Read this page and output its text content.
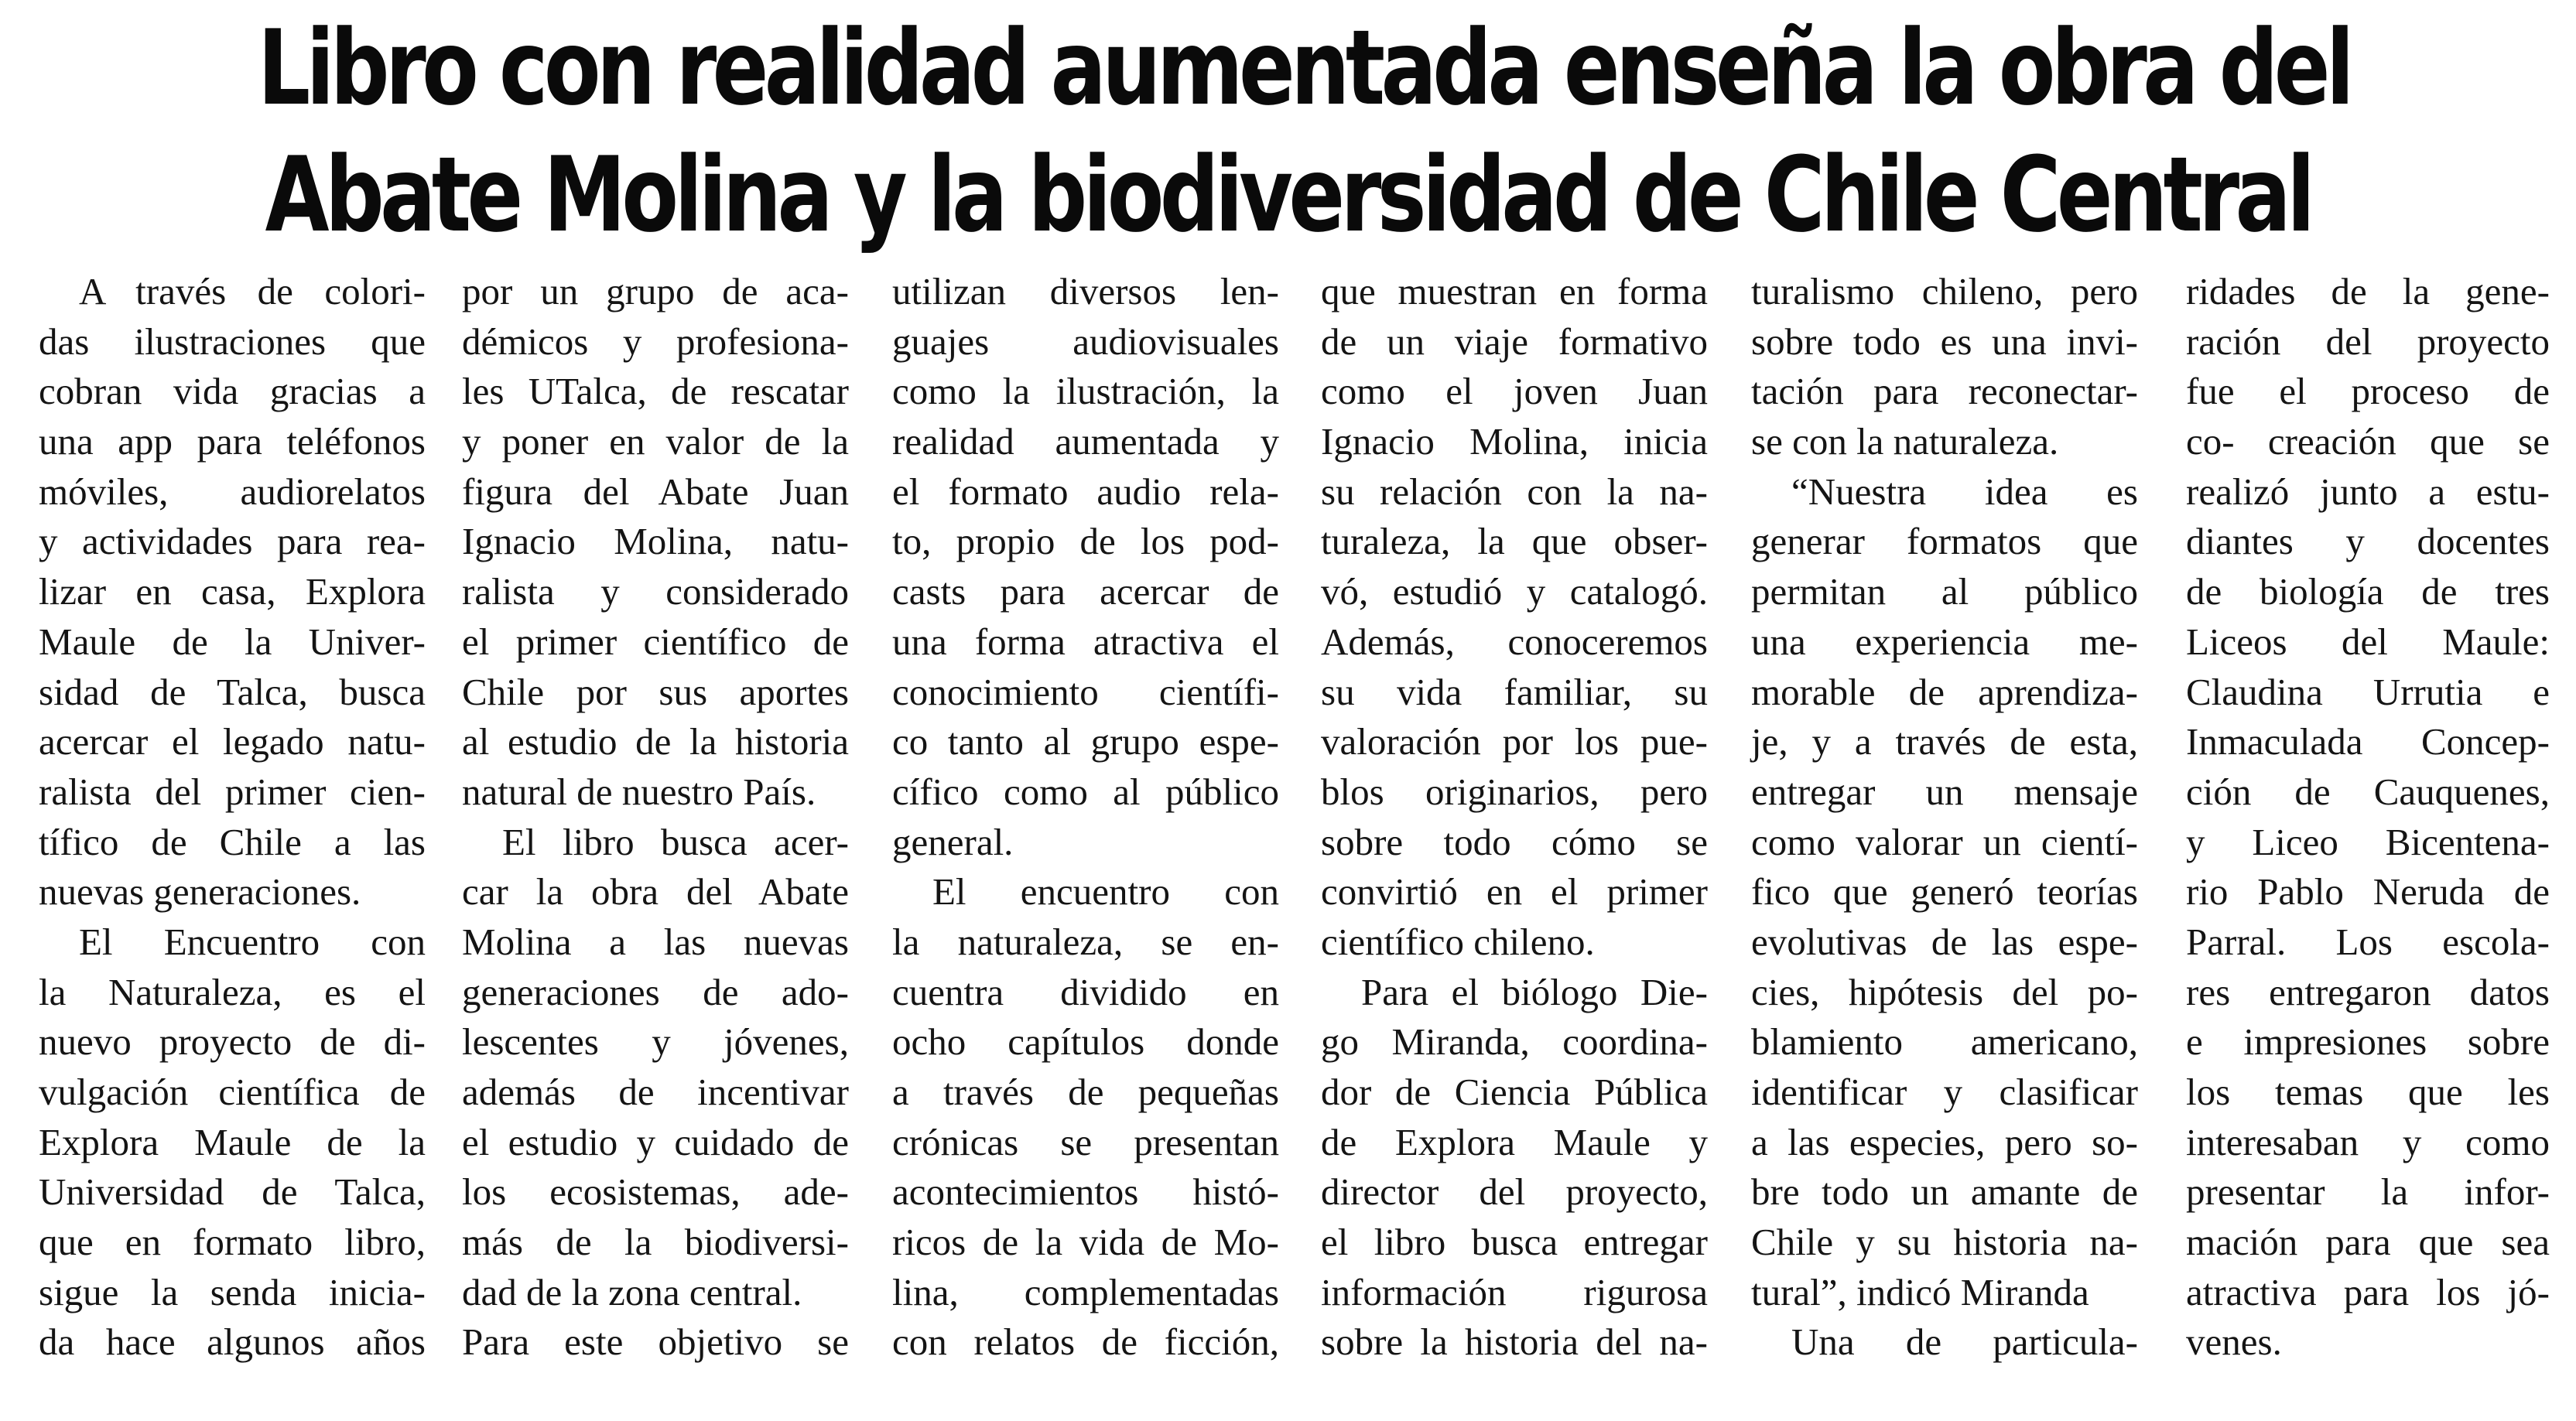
Libro con realidad aumentada enseña la obra del
Abate Molina y la biodiversidad de Chile Central
A través de colori-
das ilustraciones que
cobran vida gracias a
una app para teléfonos
móviles, audiorelatos
y actividades para rea-
lizar en casa, Explora
Maule de la Univer-
sidad de Talca, busca
acercar el legado natu-
ralista del primer cien-
tífico de Chile a las
nuevas generaciones.
El Encuentro con
la Naturaleza, es el
nuevo proyecto de di-
vulgación científica de
Explora Maule de la
Universidad de Talca,
que en formato libro,
sigue la senda inicia-
da hace algunos años
por un grupo de aca-
démicos y profesiona-
les UTalca, de rescatar
y poner en valor de la
figura del Abate Juan
Ignacio Molina, natu-
ralista y considerado
el primer científico de
Chile por sus aportes
al estudio de la historia
natural de nuestro País.
El libro busca acer-
car la obra del Abate
Molina a las nuevas
generaciones de ado-
lescentes y jóvenes,
además de incentivar
el estudio y cuidado de
los ecosistemas, ade-
más de la biodiversi-
dad de la zona central.
Para este objetivo se
utilizan diversos len-
guajes audiovisuales
como la ilustración, la
realidad aumentada y
el formato audio rela-
to, propio de los pod-
casts para acercar de
una forma atractiva el
conocimiento científi-
co tanto al grupo espe-
cífico como al público
general.
El encuentro con
la naturaleza, se en-
cuentra dividido en
ocho capítulos donde
a través de pequeñas
crónicas se presentan
acontecimientos histó-
ricos de la vida de Mo-
lina, complementadas
con relatos de ficción,
que muestran en forma
de un viaje formativo
como el joven Juan
Ignacio Molina, inicia
su relación con la na-
turaleza, la que obser-
vó, estudió y catalogó.
Además, conoceremos
su vida familiar, su
valoración por los pue-
blos originarios, pero
sobre todo cómo se
convirtió en el primer
científico chileno.
Para el biólogo Die-
go Miranda, coordina-
dor de Ciencia Pública
de Explora Maule y
director del proyecto,
el libro busca entregar
información rigurosa
sobre la historia del na-
turalismo chileno, pero
sobre todo es una invi-
tación para reconectar-
se con la naturaleza.
“Nuestra idea es
generar formatos que
permitan al público
una experiencia me-
morable de aprendiza-
je, y a través de esta,
entregar un mensaje
como valorar un cientí-
fico que generó teorías
evolutivas de las espe-
cies, hipótesis del po-
blamiento americano,
identificar y clasificar
a las especies, pero so-
bre todo un amante de
Chile y su historia na-
tural”, indicó Miranda
Una de particula-
ridades de la gene-
ración del proyecto
fue el proceso de
co- creación que se
realizó junto a estu-
diantes y docentes
de biología de tres
Liceos del Maule:
Claudina Urrutia e
Inmaculada Concep-
ción de Cauquenes,
y Liceo Bicentena-
rio Pablo Neruda de
Parral. Los escola-
res entregaron datos
e impresiones sobre
los temas que les
interesaban y como
presentar la infor-
mación para que sea
atractiva para los jó-
venes.
